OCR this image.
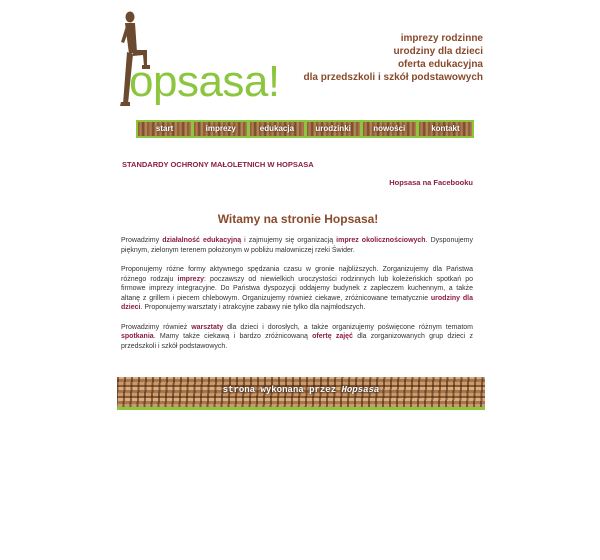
opsasa!
imprezy rodzinne
urodziny dla dzieci
oferta edukacyjna
dla przedszkoli i szkół podstawowych
start	imprezy	edukacja	urodzinki	nowości	kontakt
STANDARDY OCHRONY MAŁOLETNICH W HOPSASA
Hopsasa na Facebooku
Witamy na stronie Hopsasa!

Prowadzimy działalność edukacyjną i zajmujemy się organizacją imprez okolicznościowych. Dysponujemy pięknym, zielonym terenem położonym w pobliżu malowniczej rzeki Świder.

Proponujemy różne formy aktywnego spędzania czasu w gronie najbliższych. Zorganizujemy dla Państwa różnego rodzaju imprezy: poczawszy od niewielkich uroczystości rodzinnych lub koleżeńskich spotkań po firmowe imprezy integracyjne. Do Państwa dyspozycji oddajemy budynek z zapleczem kuchennym, a także altanę z grillem i piecem chlebowym. Organizujemy również ciekawe, zróżnicowane tematycznie urodziny dla dzieci. Proponujemy warsztaty i atrakcyjne zabawy nie tylko dla najmłodszych.

Prowadzimy również warsztaty dla dzieci i dorosłych, a także organizujemy poświęcone różnym tematom spotkania. Mamy także ciekawą i bardzo zróżnicowaną ofertę zajęć dla zorganizowanych grup dzieci z przedszkoli i szkół podstawowych.

strona wykonana przez Hopsasa
